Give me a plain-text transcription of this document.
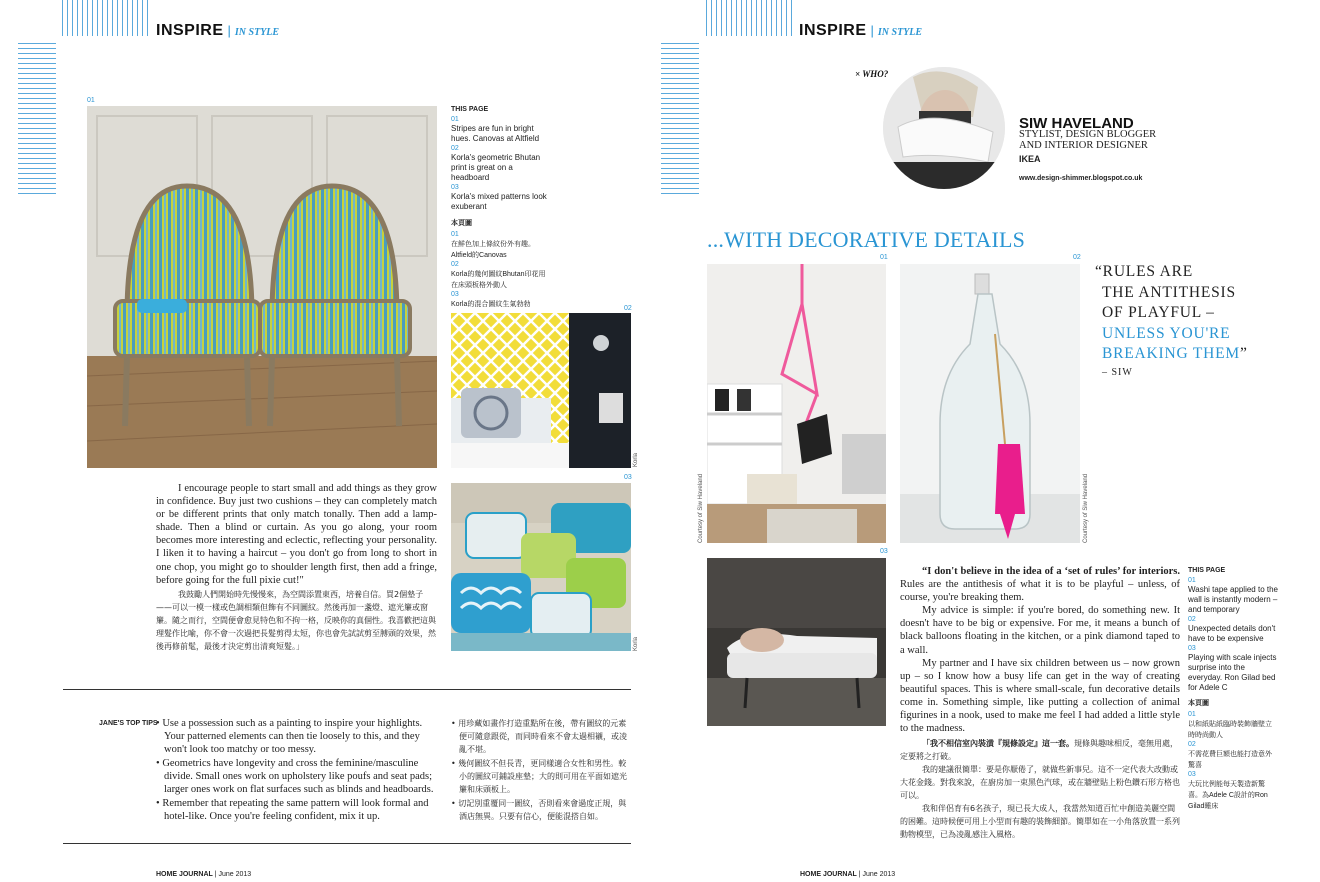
INSPIRE | IN STYLE
01
THIS PAGE
01
Stripes are fun in bright hues. Canovas at Altfield
02
Korla's geometric Bhutan print is great on a headboard
03
Korla's mixed patterns look exuberant
本頁圖
01
在鮮色加上條紋份外有趣。Altfield的Canovas
02
Korla的幾何圖紋Bhutan印花用在床頭板格外動人
03
Korla的混合圖紋生氣勃勃
02
Korla
03
Korla

I encourage people to start small and add things as they grow in confidence. Buy just two cushions – they can completely match or be different prints that only match tonally. Then add a lamp-shade. Then a blind or curtain. As you go along, your room becomes more interesting and eclectic, reflecting your personality. I liken it to having a haircut – you don't go from long to short in one chop, you might go to shoulder length first, then add a fringe, before going for the full pixie cut!"

我鼓勵人們開始時先慢慢來，為空間添置東西，培養自信。買2個墊子——可以一模一樣或色調相類但飾有不同圖紋。然後再加一盞燈、遮光簾或窗簾。隨之而行，空間便會愈見特色和不拘一格，反映你的真個性。我喜歡把這與理髮作比喻，你不會一次過把長髮剪得太短，你也會先試試剪至膊頭的效果，然後再修前髦，最後才決定剪出清爽短髮。」

JANE'S TOP TIPS
• Use a possession such as a painting to inspire your highlights. Your patterned elements can then tie loosely to this, and they won't look too matchy or too messy.
• Geometrics have longevity and cross the feminine/masculine divide. Small ones work on upholstery like poufs and seat pads; larger ones work on flat surfaces such as blinds and headboards.
• Remember that repeating the same pattern will look formal and hotel-like. Once you're feeling confident, mix it up.
• 用珍藏如畫作打造重點所在後，帶有圖紋的元素便可隨意跟從，而同時看來不會太過相襯，或凌亂不堪。
• 幾何圖紋不但長青，更同樣適合女性和男性。較小的圖紋可鋪設座墊；大的則可用在平面如遮光簾和床頭板上。
• 切記別重覆同一圖紋，否則看來會過度正規，與酒店無異。只要有信心，便能混搭自如。
HOME JOURNAL | June 2013
INSPIRE | IN STYLE
× WHO?
SIW HAVELAND
STYLIST, DESIGN BLOGGER AND INTERIOR DESIGNER
IKEA
www.design-shimmer.blogspot.co.uk
...WITH DECORATIVE DETAILS
01
Courtesy of Siw Haveland
02
Courtesy of Siw Haveland
“RULES ARE
THE ANTITHESIS
OF PLAYFUL –
UNLESS YOU'RE
BREAKING THEM”
– SIW
03

“I don't believe in the idea of a ‘set of rules’ for interiors. Rules are the antithesis of what it is to be playful – unless, of course, you're breaking them.

My advice is simple: if you're bored, do something new. It doesn't have to be big or expensive. For me, it means a bunch of black balloons floating in the kitchen, or a pink diamond taped to a wall.

My partner and I have six children between us – now grown up – so I know how a busy life can get in the way of creating beautiful spaces. This is where small-scale, fun decorative details come in. Something simple, like putting a collection of animal figurines in a nook, used to make me feel I had added a little style to the madness.

「我不相信室內裝潢『規條設定』這一套。規條與趣味相反，毫無用處，定要將之打破。

我的建議很簡單：要是你厭倦了，就做些新事兒。這不一定代表大改動或大花金錢。對我來說，在廚房加一束黑色汽球，或在牆壁貼上粉色鑽石形方格也可以。

我和伴侶育有6名孩子，現已長大成人，我當然知道百忙中創造美麗空間的困難。這時候便可用上小型而有趣的裝飾細節。簡單如在一小角落放置一系列動物模型，已為凌亂感注入風格。

THIS PAGE
01
Washi tape applied to the wall is instantly modern – and temporary
02
Unexpected details don't have to be expensive
03
Playing with scale injects surprise into the everyday. Ron Gilad bed for Adele C
本頁圖
01
以和紙貼紙臨時裝飾牆壁立時時尚動人
02
不需花費巨額也能打造意外驚喜
03
大玩比例能每天製造新驚喜。為Adele C設計的Ron Gilad睡床
HOME JOURNAL | June 2013
